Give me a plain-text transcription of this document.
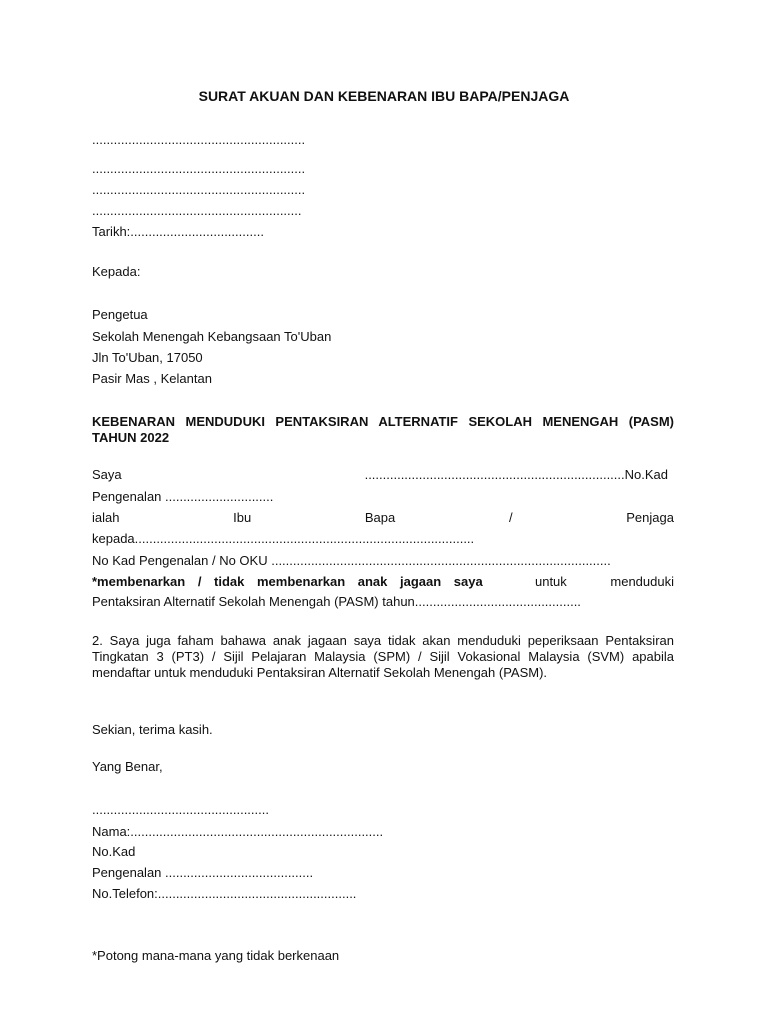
SURAT AKUAN DAN KEBENARAN IBU BAPA/PENJAGA
...........................................................
...........................................................
...........................................................
..........................................................
Tarikh:.....................................
Kepada:
Pengetua
Sekolah Menengah Kebangsaan To'Uban
Jln To'Uban, 17050
Pasir Mas , Kelantan
KEBENARAN MENDUDUKI PENTAKSIRAN ALTERNATIF SEKOLAH MENENGAH (PASM) TAHUN 2022
Saya	........................................................................No.Kad
Pengenalan ..............................
ialah	Ibu	Bapa	/	Penjaga
kepada..............................................................................................
No Kad Pengenalan / No OKU ..............................................................................................
*membenarkan / tidak membenarkan anak jagaan saya	untuk menduduki
Pentaksiran Alternatif Sekolah Menengah (PASM) tahun..............................................
2. Saya juga faham bahawa anak jagaan saya tidak akan menduduki peperiksaan Pentaksiran Tingkatan 3 (PT3) / Sijil Pelajaran Malaysia (SPM) / Sijil Vokasional Malaysia (SVM) apabila mendaftar untuk menduduki Pentaksiran Alternatif Sekolah Menengah (PASM).
Sekian, terima kasih.
Yang Benar,
.................................................
Nama:......................................................................
No.Kad
Pengenalan .........................................
No.Telefon:.......................................................
*Potong mana-mana yang tidak berkenaan
